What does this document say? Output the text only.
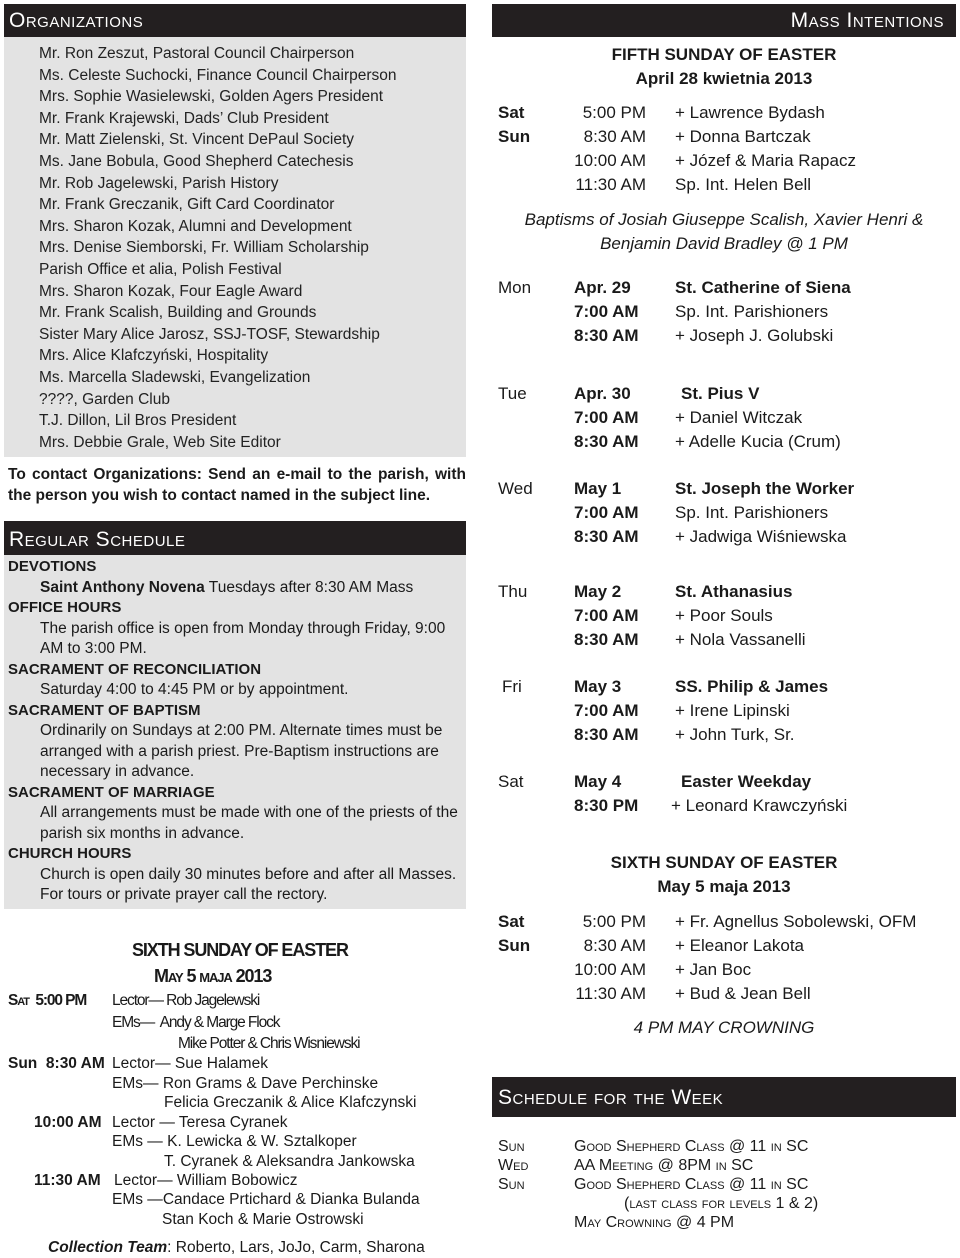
Organizations
Mr. Ron Zeszut, Pastoral Council Chairperson
Ms. Celeste Suchocki, Finance Council Chairperson
Mrs. Sophie Wasielewski, Golden Agers President
Mr. Frank Krajewski, Dads’ Club President
Mr. Matt Zielenski, St. Vincent DePaul Society
Ms. Jane Bobula, Good Shepherd Catechesis
Mr. Rob Jagelewski, Parish History
Mr. Frank Greczanik, Gift Card Coordinator
Mrs. Sharon Kozak, Alumni and Development
Mrs. Denise Siemborski, Fr. William Scholarship
Parish Office et alia, Polish Festival
Mrs. Sharon Kozak, Four Eagle Award
Mr. Frank Scalish, Building and Grounds
Sister Mary Alice Jarosz, SSJ-TOSF, Stewardship
Mrs. Alice Klafczyński, Hospitality
Ms. Marcella Sladewski, Evangelization
????, Garden Club
T.J. Dillon, Lil Bros President
Mrs. Debbie Grale, Web Site Editor

To contact Organizations: Send an e-mail to the parish, with the person you wish to contact named in the subject line.

Regular Schedule
DEVOTIONS
Saint Anthony Novena Tuesdays after 8:30 AM Mass
OFFICE HOURS
The parish office is open from Monday through Friday, 9:00 AM to 3:00 PM.
SACRAMENT OF RECONCILIATION
Saturday 4:00 to 4:45 PM or by appointment.
SACRAMENT OF BAPTISM
Ordinarily on Sundays at 2:00 PM. Alternate times must be arranged with a parish priest. Pre-Baptism instructions are necessary in advance.
SACRAMENT OF MARRIAGE
All arrangements must be made with one of the priests of the parish six months in advance.
CHURCH HOURS
Church is open daily 30 minutes before and after all Masses. For tours or private prayer call the rectory.
SIXTH SUNDAY OF EASTER
May 5 maja 2013
Sat 5:00 PM Lector— Rob Jagelewski
EMs— Andy & Marge Flock
Mike Potter & Chris Wisniewski
Sun 8:30 AM Lector— Sue Halamek
EMs— Ron Grams & Dave Perchinske
Felicia Greczanik & Alice Klafczynski
10:00 AM Lector — Teresa Cyranek
EMs — K. Lewicka & W. Sztalkoper
T. Cyranek & Aleksandra Jankowska
11:30 AM Lector— William Bobowicz
EMs —Candace Prtichard & Dianka Bulanda
Stan Koch & Marie Ostrowski
Collection Team: Roberto, Lars, JoJo, Carm, Sharona
Mass Intentions
FIFTH SUNDAY OF EASTER
April 28 kwietnia 2013
Sat	5:00 PM + Lawrence Bydash
Sun	8:30 AM + Donna Bartczak
10:00 AM + Józef & Maria Rapacz
11:30 AM Sp. Int. Helen Bell
Baptisms of Josiah Giuseppe Scalish, Xavier Henri & Benjamin David Bradley @ 1 PM
Mon	Apr. 29	St. Catherine of Siena
7:00 AM Sp. Int. Parishioners
8:30 AM + Joseph J. Golubski
Tue	Apr. 30	St. Pius V
7:00 AM + Daniel Witczak
8:30 AM + Adelle Kucia (Crum)
Wed May 1	St. Joseph the Worker
7:00 AM Sp. Int. Parishioners
8:30 AM + Jadwiga Wiśniewska
Thu	May 2	St. Athanasius
7:00 AM + Poor Souls
8:30 AM + Nola Vassanelli
Fri	May 3	SS. Philip & James
7:00 AM + Irene Lipinski
8:30 AM + John Turk, Sr.
Sat	May 4	Easter Weekday
8:30 PM + Leonard Krawczyński
SIXTH SUNDAY OF EASTER
May 5 maja 2013
Sat	5:00 PM + Fr. Agnellus Sobolewski, OFM
Sun	8:30 AM + Eleanor Lakota
10:00 AM + Jan Boc
11:30 AM + Bud & Jean Bell
4 PM MAY CROWNING
Schedule for the Week
Sun	Good Shepherd Class @ 11 in SC
Wed	AA Meeting @ 8PM in SC
Sun	Good Shepherd Class @ 11 in SC
(last class for levels 1 & 2)
May Crowning @ 4 PM
